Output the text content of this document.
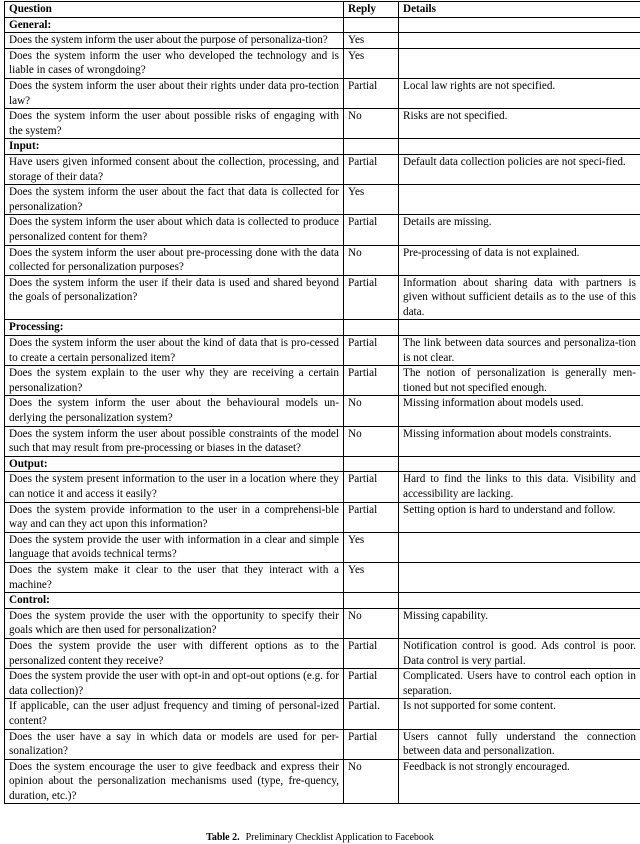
Question	Reply	Details
General:		
Does the system inform the user about the purpose of personaliza-tion?	Yes	
Does the system inform the user who developed the technology and is liable in cases of wrongdoing?	Yes	
Does the system inform the user about their rights under data pro-tection law?	Partial	Local law rights are not specified.
Does the system inform the user about possible risks of engaging with the system?	No	Risks are not specified.
Input:		
Have users given informed consent about the collection, processing, and storage of their data?	Partial	Default data collection policies are not speci-fied.
Does the system inform the user about the fact that data is collected for personalization?	Yes	
Does the system inform the user about which data is collected to produce personalized content for them?	Partial	Details are missing.
Does the system inform the user about pre-processing done with the data collected for personalization purposes?	No	Pre-processing of data is not explained.
Does the system inform the user if their data is used and shared beyond the goals of personalization?	Partial	Information about sharing data with partners is given without sufficient details as to the use of this data.
Processing:		
Does the system inform the user about the kind of data that is pro-cessed to create a certain personalized item?	Partial	The link between data sources and personaliza-tion is not clear.
Does the system explain to the user why they are receiving a certain personalization?	Partial	The notion of personalization is generally men-tioned but not specified enough.
Does the system inform the user about the behavioural models un-derlying the personalization system?	No	Missing information about models used.
Does the system inform the user about possible constraints of the model such that may result from pre-processing or biases in the dataset?	No	Missing information about models constraints.
Output:		
Does the system present information to the user in a location where they can notice it and access it easily?	Partial	Hard to find the links to this data. Visibility and accessibility are lacking.
Does the system provide information to the user in a comprehensi-ble way and can they act upon this information?	Partial	Setting option is hard to understand and follow.
Does the system provide the user with information in a clear and simple language that avoids technical terms?	Yes	
Does the system make it clear to the user that they interact with a machine?	Yes	
Control:		
Does the system provide the user with the opportunity to specify their goals which are then used for personalization?	No	Missing capability.
Does the system provide the user with different options as to the personalized content they receive?	Partial	Notification control is good. Ads control is poor. Data control is very partial.
Does the system provide the user with opt-in and opt-out options (e.g. for data collection)?	Partial	Complicated. Users have to control each option in separation.
If applicable, can the user adjust frequency and timing of personal-ized content?	Partial.	Is not supported for some content.
Does the user have a say in which data or models are used for per-sonalization?	Partial	Users cannot fully understand the connection between data and personalization.
Does the system encourage the user to give feedback and express their opinion about the personalization mechanisms used (type, fre-quency, duration, etc.)?	No	Feedback is not strongly encouraged.
Table 2. Preliminary Checklist Application to Facebook
